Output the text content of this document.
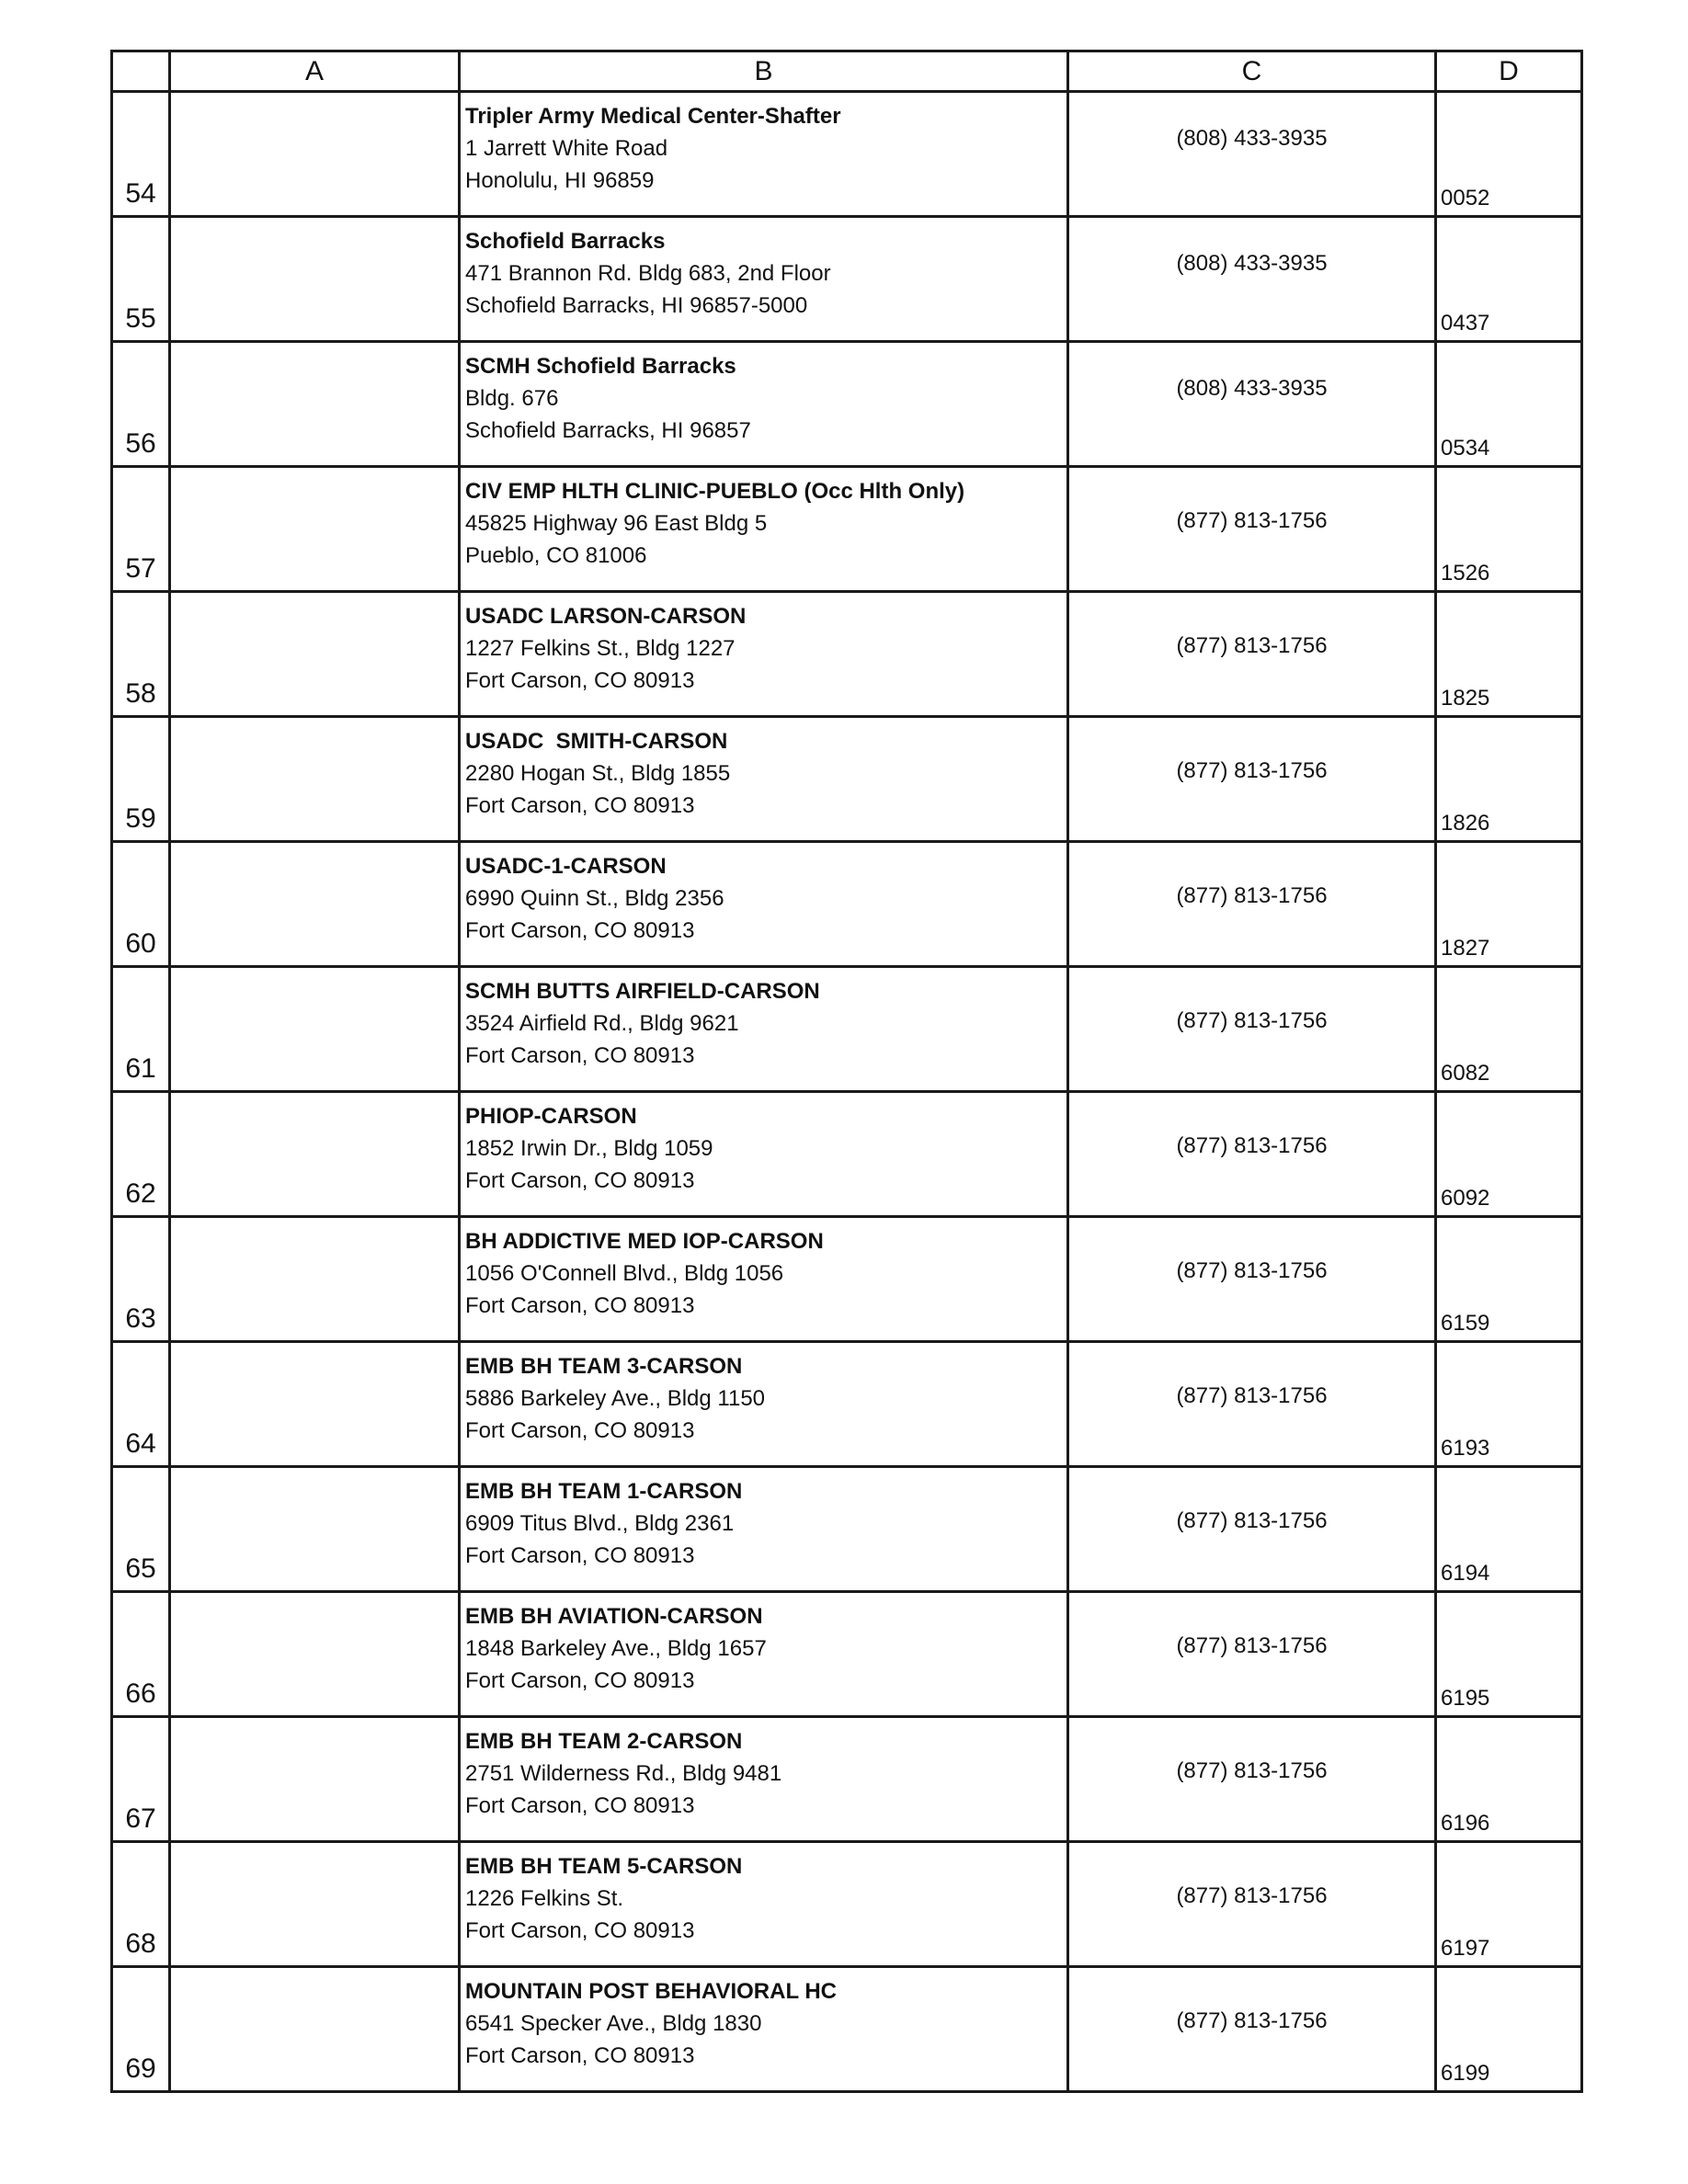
	A	B	C	D
54		Tripler Army Medical Center-Shafter
1 Jarrett White Road
Honolulu, HI 96859	(808) 433-3935	0052
55		Schofield Barracks
471 Brannon Rd. Bldg 683, 2nd Floor
Schofield Barracks, HI 96857-5000	(808) 433-3935	0437
56		SCMH Schofield Barracks
Bldg. 676
Schofield Barracks, HI 96857	(808) 433-3935	0534
57		CIV EMP HLTH CLINIC-PUEBLO (Occ Hlth Only)
45825 Highway 96 East Bldg 5
Pueblo, CO 81006	(877) 813-1756	1526
58		USADC LARSON-CARSON
1227 Felkins St., Bldg 1227
Fort Carson, CO 80913	(877) 813-1756	1825
59		USADC  SMITH-CARSON
2280 Hogan St., Bldg 1855
Fort Carson, CO 80913	(877) 813-1756	1826
60		USADC-1-CARSON
6990 Quinn St., Bldg 2356
Fort Carson, CO 80913	(877) 813-1756	1827
61		SCMH BUTTS AIRFIELD-CARSON
3524 Airfield Rd., Bldg 9621
Fort Carson, CO 80913	(877) 813-1756	6082
62		PHIOP-CARSON
1852 Irwin Dr., Bldg 1059
Fort Carson, CO 80913	(877) 813-1756	6092
63		BH ADDICTIVE MED IOP-CARSON
1056 O'Connell Blvd., Bldg 1056
Fort Carson, CO 80913	(877) 813-1756	6159
64		EMB BH TEAM 3-CARSON
5886 Barkeley Ave., Bldg 1150
Fort Carson, CO 80913	(877) 813-1756	6193
65		EMB BH TEAM 1-CARSON
6909 Titus Blvd., Bldg 2361
Fort Carson, CO 80913	(877) 813-1756	6194
66		EMB BH AVIATION-CARSON
1848 Barkeley Ave., Bldg 1657
Fort Carson, CO 80913	(877) 813-1756	6195
67		EMB BH TEAM 2-CARSON
2751 Wilderness Rd., Bldg 9481
Fort Carson, CO 80913	(877) 813-1756	6196
68		EMB BH TEAM 5-CARSON
1226 Felkins St.
Fort Carson, CO 80913	(877) 813-1756	6197
69		MOUNTAIN POST BEHAVIORAL HC
6541 Specker Ave., Bldg 1830
Fort Carson, CO 80913	(877) 813-1756	6199
